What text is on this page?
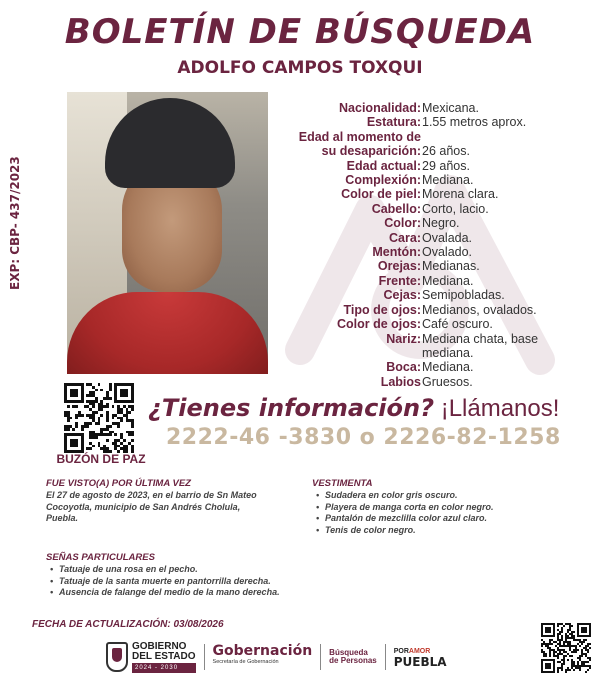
BOLETÍN DE BÚSQUEDA
ADOLFO CAMPOS TOXQUI
EXP: CBP- 437/2023
Nacionalidad: Mexicana.
Estatura: 1.55 metros aprox.
Edad al momento de
su desaparición: 26 años.
Edad actual: 29 años.
Complexión: Mediana.
Color de piel: Morena clara.
Cabello: Corto, lacio.
Color: Negro.
Cara: Ovalada.
Mentón: Ovalado.
Orejas: Medianas.
Frente: Mediana.
Cejas: Semipobladas.
Tipo de ojos: Medianos, ovalados.
Color de ojos: Café oscuro.
Nariz: Mediana chata, base
mediana.
Boca: Mediana.
Labios Gruesos.
BUZÓN DE PAZ
¿Tienes información? ¡Llámanos!
2222-46 -3830 o 2226-82-1258
FUE VISTO(A) POR ÚLTIMA VEZ
El 27 de agosto de 2023, en el barrio de Sn Mateo
Cocoyotla, municipio de San Andrés Cholula,
Puebla.
VESTIMENTA
• Sudadera en color gris oscuro.
• Playera de manga corta en color negro.
• Pantalón de mezclilla color azul claro.
• Tenis de color negro.
SEÑAS PARTICULARES
• Tatuaje de una rosa en el pecho.
• Tatuaje de la santa muerte en pantorrilla derecha.
• Ausencia de falange del medio de la mano derecha.
FECHA DE ACTUALIZACIÓN: 03/08/2026
GOBIERNO
DEL ESTADO
2024 - 2030
Gobernación
Secretaría de Gobernación
Búsqueda
de Personas
PORAMOR
PUEBLA
